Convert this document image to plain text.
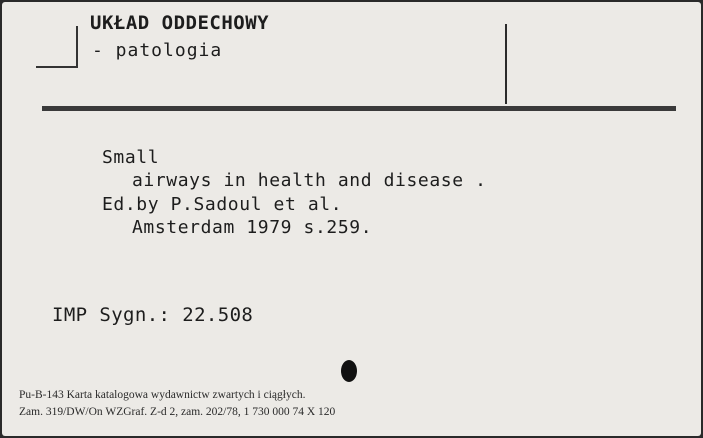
UKŁAD ODDECHOWY
- patologia
Small
airways in health and disease .
Ed.by P.Sadoul et al.
Amsterdam 1979 s.259.
IMP Sygn.: 22.508
Pu-B-143 Karta katalogowa wydawnictw zwartych i ciągłych.
Zam. 319/DW/On WZGraf. Z-d 2, zam. 202/78, 1 730 000 74 X 120
